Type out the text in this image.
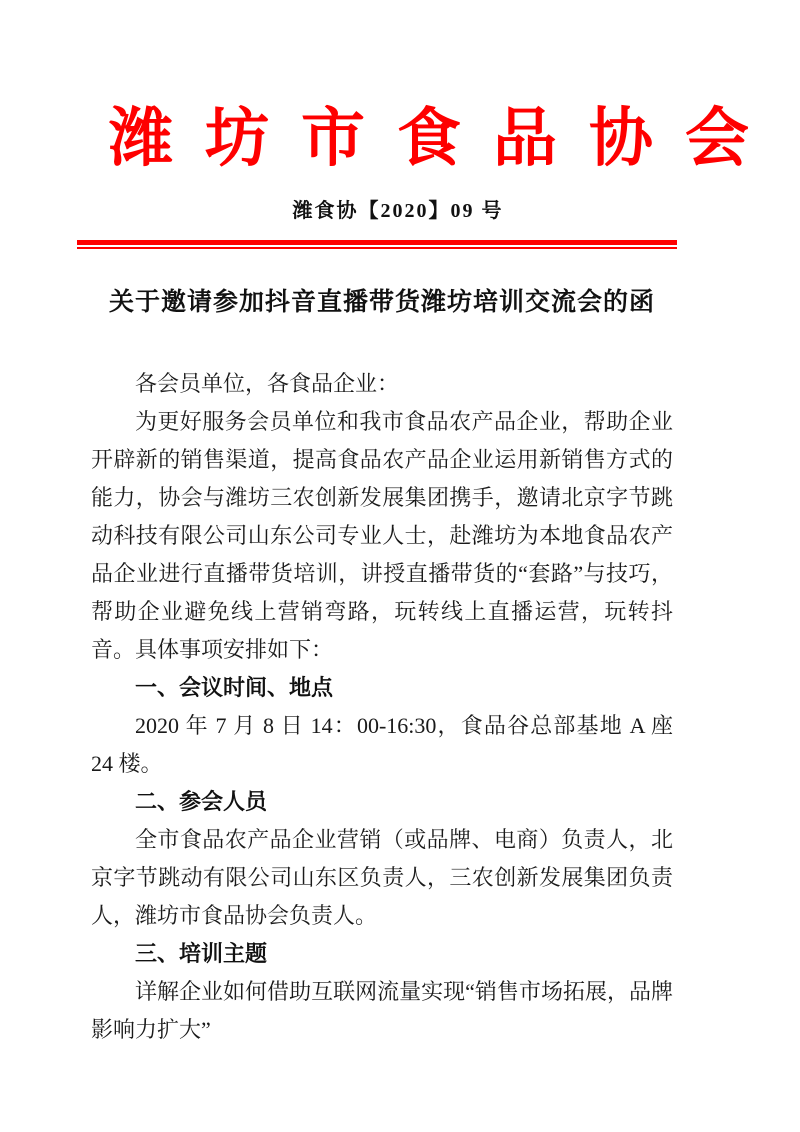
潍坊市食品协会
潍食协【2020】09 号
关于邀请参加抖音直播带货潍坊培训交流会的函

各会员单位，各食品企业：

为更好服务会员单位和我市食品农产品企业，帮助企业开辟新的销售渠道，提高食品农产品企业运用新销售方式的能力，协会与潍坊三农创新发展集团携手，邀请北京字节跳动科技有限公司山东公司专业人士，赴潍坊为本地食品农产品企业进行直播带货培训，讲授直播带货的“套路”与技巧，帮助企业避免线上营销弯路，玩转线上直播运营，玩转抖音。具体事项安排如下：

一、会议时间、地点

2020 年 7 月 8 日 14：00-16:30，食品谷总部基地 A 座 24 楼。

二、参会人员

全市食品农产品企业营销（或品牌、电商）负责人，北京字节跳动有限公司山东区负责人，三农创新发展集团负责人，潍坊市食品协会负责人。

三、培训主题

详解企业如何借助互联网流量实现“销售市场拓展，品牌影响力扩大”
